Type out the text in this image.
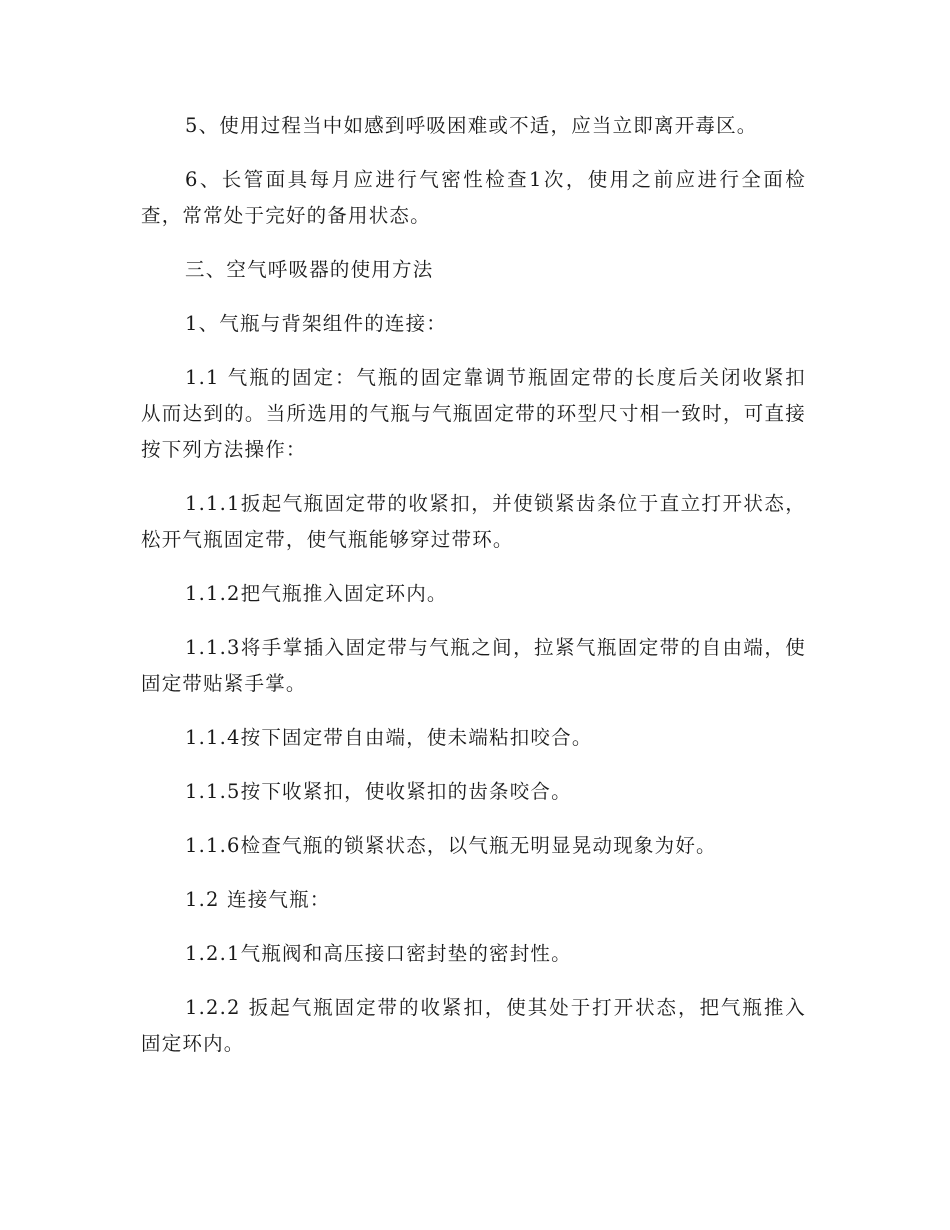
5、使用过程当中如感到呼吸困难或不适，应当立即离开毒区。

6、长管面具每月应进行气密性检查1次，使用之前应进行全面检查，常常处于完好的备用状态。

三、空气呼吸器的使用方法

1、气瓶与背架组件的连接：

1.1 气瓶的固定：气瓶的固定靠调节瓶固定带的长度后关闭收紧扣从而达到的。当所选用的气瓶与气瓶固定带的环型尺寸相一致时，可直接按下列方法操作：

1.1.1扳起气瓶固定带的收紧扣，并使锁紧齿条位于直立打开状态，松开气瓶固定带，使气瓶能够穿过带环。

1.1.2把气瓶推入固定环内。

1.1.3将手掌插入固定带与气瓶之间，拉紧气瓶固定带的自由端，使固定带贴紧手掌。

1.1.4按下固定带自由端，使未端粘扣咬合。

1.1.5按下收紧扣，使收紧扣的齿条咬合。

1.1.6检查气瓶的锁紧状态，以气瓶无明显晃动现象为好。

1.2 连接气瓶：

1.2.1气瓶阀和高压接口密封垫的密封性。

1.2.2 扳起气瓶固定带的收紧扣，使其处于打开状态，把气瓶推入固定环内。
